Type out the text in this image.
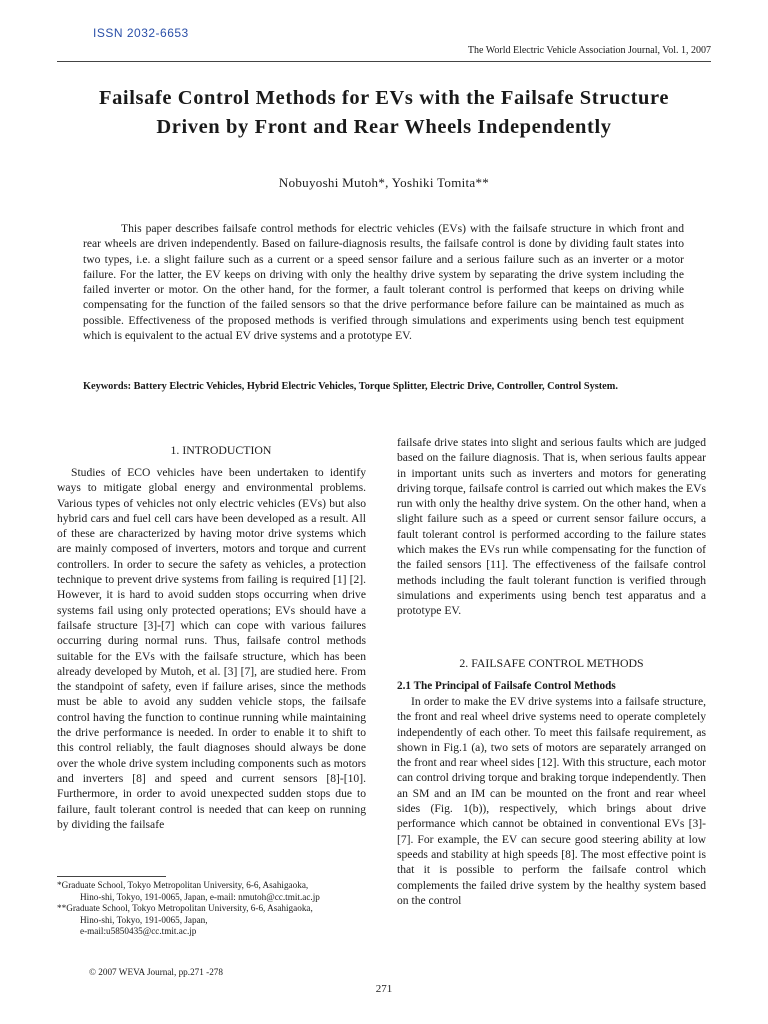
ISSN 2032-6653
The World Electric Vehicle Association Journal, Vol. 1, 2007
Failsafe Control Methods for EVs with the Failsafe Structure
Driven by Front and Rear Wheels Independently
Nobuyoshi Mutoh*, Yoshiki Tomita**
This paper describes failsafe control methods for electric vehicles (EVs) with the failsafe structure in which front and rear wheels are driven independently. Based on failure-diagnosis results, the failsafe control is done by dividing fault states into two types, i.e. a slight failure such as a current or a speed sensor failure and a serious failure such as an inverter or a motor failure. For the latter, the EV keeps on driving with only the healthy drive system by separating the drive system including the failed inverter or motor. On the other hand, for the former, a fault tolerant control is performed that keeps on driving while compensating for the function of the failed sensors so that the drive performance before failure can be maintained as much as possible. Effectiveness of the proposed methods is verified through simulations and experiments using bench test equipment which is equivalent to the actual EV drive systems and a prototype EV.
Keywords: Battery Electric Vehicles, Hybrid Electric Vehicles, Torque Splitter, Electric Drive, Controller, Control System.
1. INTRODUCTION

Studies of ECO vehicles have been undertaken to identify ways to mitigate global energy and environmental problems. Various types of vehicles not only electric vehicles (EVs) but also hybrid cars and fuel cell cars have been developed as a result. All of these are characterized by having motor drive systems which are mainly composed of inverters, motors and torque and current controllers. In order to secure the safety as vehicles, a protection technique to prevent drive systems from failing is required [1] [2]. However, it is hard to avoid sudden stops occurring when drive systems fail using only protected operations; EVs should have a failsafe structure [3]-[7] which can cope with various failures occurring during normal runs. Thus, failsafe control methods suitable for the EVs with the failsafe structure, which has been already developed by Mutoh, et al. [3] [7], are studied here. From the standpoint of safety, even if failure arises, since the methods must be able to avoid any sudden vehicle stops, the failsafe control having the function to continue running while maintaining the drive performance is needed. In order to enable it to shift to this control reliably, the fault diagnoses should always be done over the whole drive system including components such as motors and inverters [8] and speed and current sensors [8]-[10]. Furthermore, in order to avoid unexpected sudden stops due to failure, fault tolerant control is needed that can keep on running by dividing the failsafe

failsafe drive states into slight and serious faults which are judged based on the failure diagnosis. That is, when serious faults appear in important units such as inverters and motors for generating driving torque, failsafe control is carried out which makes the EVs run with only the healthy drive system. On the other hand, when a slight failure such as a speed or current sensor failure occurs, a fault tolerant control is performed according to the failure states which makes the EVs run while compensating for the function of the failed sensors [11]. The effectiveness of the failsafe control methods including the fault tolerant function is verified through simulations and experiments using bench test apparatus and a prototype EV.

2. FAILSAFE CONTROL METHODS
2.1 The Principal of Failsafe Control Methods

In order to make the EV drive systems into a failsafe structure, the front and real wheel drive systems need to operate completely independently of each other. To meet this failsafe requirement, as shown in Fig.1 (a), two sets of motors are separately arranged on the front and rear wheel sides [12]. With this structure, each motor can control driving torque and braking torque independently. Then an SM and an IM can be mounted on the front and rear wheel sides (Fig. 1(b)), respectively, which brings about drive performance which cannot be obtained in conventional EVs [3]-[7]. For example, the EV can secure good steering ability at low speeds and stability at high speeds [8]. The most effective point is that it is possible to perform the failsafe control which complements the failed drive system by the healthy system based on the control

*Graduate School, Tokyo Metropolitan University, 6-6, Asahigaoka,
Hino-shi, Tokyo, 191-0065, Japan, e-mail: nmutoh@cc.tmit.ac.jp
**Graduate School, Tokyo Metropolitan University, 6-6, Asahigaoka,
Hino-shi, Tokyo, 191-0065, Japan,
e-mail:u5850435@cc.tmit.ac.jp
© 2007 WEVA Journal, pp.271 -278
271
